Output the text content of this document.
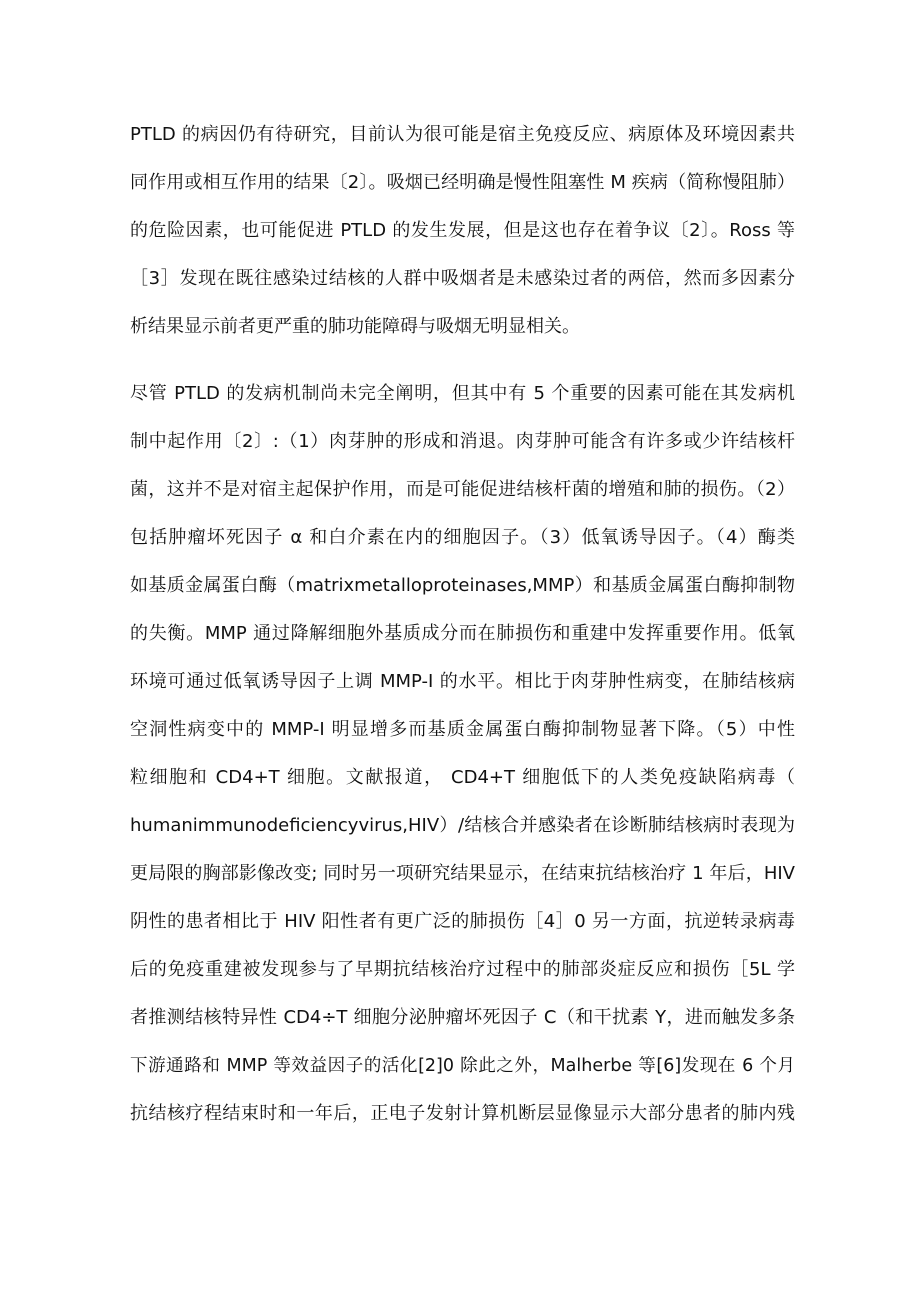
PTLD 的病因仍有待研究，目前认为很可能是宿主免疫反应、病原体及环境因素共
同作用或相互作用的结果〔2〕。吸烟已经明确是慢性阻塞性 M 疾病（简称慢阻肺）
的危险因素，也可能促进 PTLD 的发生发展，但是这也存在着争议〔2〕。Ross 等
［3］发现在既往感染过结核的人群中吸烟者是未感染过者的两倍，然而多因素分
析结果显示前者更严重的肺功能障碍与吸烟无明显相关。

尽管 PTLD 的发病机制尚未完全阐明，但其中有 5 个重要的因素可能在其发病机
制中起作用〔2〕:（1）肉芽肿的形成和消退。肉芽肿可能含有许多或少许结核杆
菌，这并不是对宿主起保护作用，而是可能促进结核杆菌的增殖和肺的损伤。（2）
包括肿瘤坏死因子 α 和白介素在内的细胞因子。（3）低氧诱导因子。（4）酶类
如基质金属蛋白酶（matrixmetalloproteinases,MMP）和基质金属蛋白酶抑制物
的失衡。MMP 通过降解细胞外基质成分而在肺损伤和重建中发挥重要作用。低氧
环境可通过低氧诱导因子上调 MMP-I 的水平。相比于肉芽肿性病变，在肺结核病
空洞性病变中的 MMP-I 明显增多而基质金属蛋白酶抑制物显著下降。（5）中性
粒细胞和 CD4+T 细胞。文献报道， CD4+T 细胞低下的人类免疫缺陷病毒（
humanimmunodeficiencyvirus,HIV）/结核合并感染者在诊断肺结核病时表现为
更局限的胸部影像改变; 同时另一项研究结果显示，在结束抗结核治疗 1 年后，HIV
阴性的患者相比于 HIV 阳性者有更广泛的肺损伤［4］0 另一方面，抗逆转录病毒
后的免疫重建被发现参与了早期抗结核治疗过程中的肺部炎症反应和损伤［5L 学
者推测结核特异性 CD4÷T 细胞分泌肿瘤坏死因子 C（和干扰素 Y，进而触发多条
下游通路和 MMP 等效益因子的活化[2]0 除此之外，Malherbe 等[6]发现在 6 个月
抗结核疗程结束时和一年后，正电子发射计算机断层显像显示大部分患者的肺内残
